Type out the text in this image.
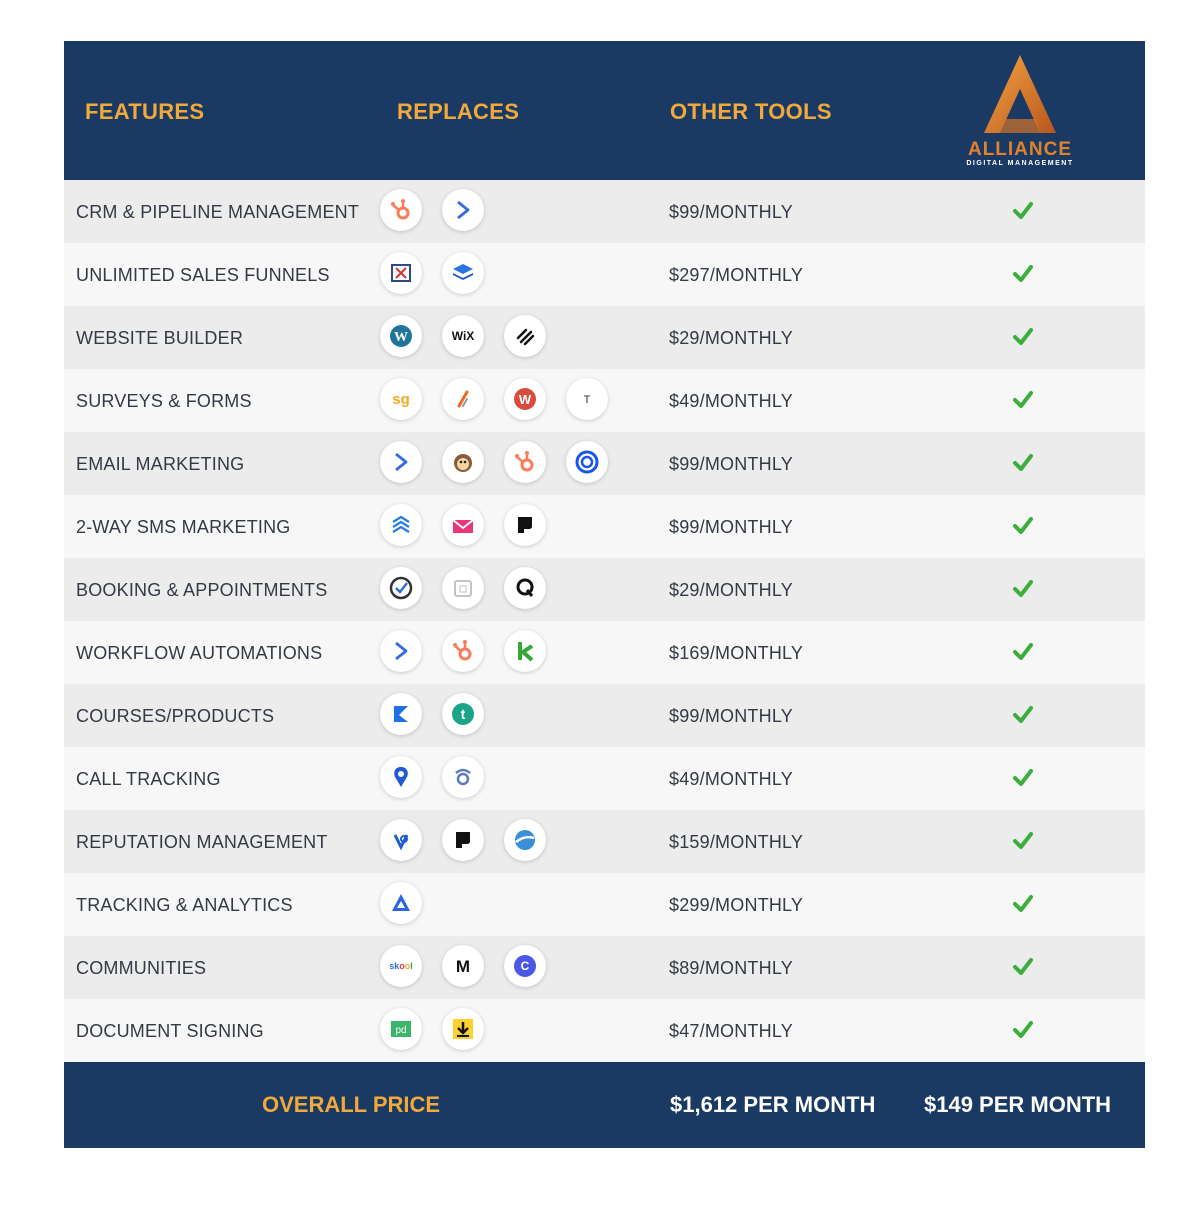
FEATURES	REPLACES	OTHER TOOLS
ALLIANCE
DIGITAL MANAGEMENT
CRM & PIPELINE MANAGEMENT	$99/MONTHLY
UNLIMITED SALES FUNNELS	$297/MONTHLY
WEBSITE BUILDER	W	WiX	$29/MONTHLY
SURVEYS & FORMS	sg	W	T	$49/MONTHLY
EMAIL MARKETING	$99/MONTHLY
2-WAY SMS MARKETING	$99/MONTHLY
BOOKING & APPOINTMENTS	$29/MONTHLY
WORKFLOW AUTOMATIONS	$169/MONTHLY
COURSES/PRODUCTS	t	$99/MONTHLY
CALL TRACKING	$49/MONTHLY
REPUTATION MANAGEMENT	$159/MONTHLY
TRACKING & ANALYTICS	$299/MONTHLY
COMMUNITIES	skool	M	C	$89/MONTHLY
DOCUMENT SIGNING	pd	$47/MONTHLY
OVERALL PRICE	$1,612 PER MONTH $149 PER MONTH
